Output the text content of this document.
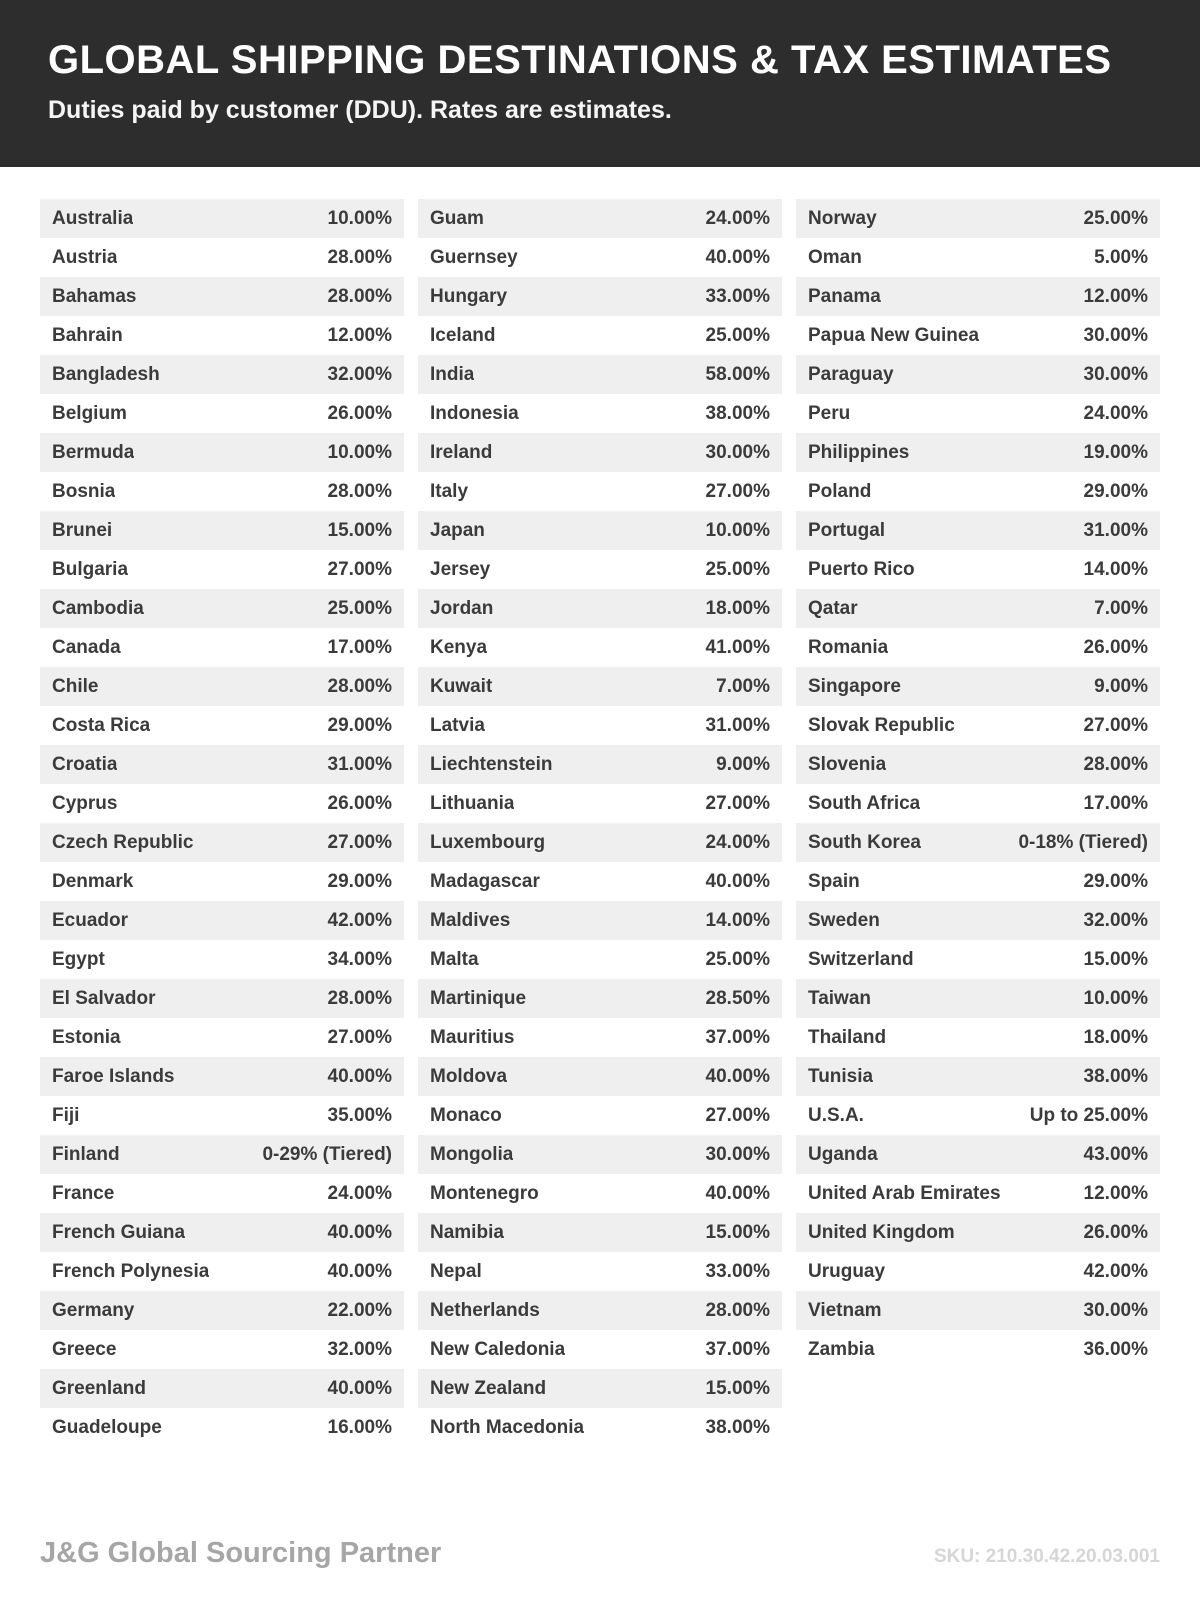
GLOBAL SHIPPING DESTINATIONS & TAX ESTIMATES
Duties paid by customer (DDU). Rates are estimates.
Australia	10.00%
Austria	28.00%
Bahamas	28.00%
Bahrain	12.00%
Bangladesh	32.00%
Belgium	26.00%
Bermuda	10.00%
Bosnia	28.00%
Brunei	15.00%
Bulgaria	27.00%
Cambodia	25.00%
Canada	17.00%
Chile	28.00%
Costa Rica	29.00%
Croatia	31.00%
Cyprus	26.00%
Czech Republic	27.00%
Denmark	29.00%
Ecuador	42.00%
Egypt	34.00%
El Salvador	28.00%
Estonia	27.00%
Faroe Islands	40.00%
Fiji	35.00%
Finland	0-29% (Tiered)
France	24.00%
French Guiana	40.00%
French Polynesia	40.00%
Germany	22.00%
Greece	32.00%
Greenland	40.00%
Guadeloupe	16.00%
Guam	24.00%
Guernsey	40.00%
Hungary	33.00%
Iceland	25.00%
India	58.00%
Indonesia	38.00%
Ireland	30.00%
Italy	27.00%
Japan	10.00%
Jersey	25.00%
Jordan	18.00%
Kenya	41.00%
Kuwait	7.00%
Latvia	31.00%
Liechtenstein	9.00%
Lithuania	27.00%
Luxembourg	24.00%
Madagascar	40.00%
Maldives	14.00%
Malta	25.00%
Martinique	28.50%
Mauritius	37.00%
Moldova	40.00%
Monaco	27.00%
Mongolia	30.00%
Montenegro	40.00%
Namibia	15.00%
Nepal	33.00%
Netherlands	28.00%
New Caledonia	37.00%
New Zealand	15.00%
North Macedonia	38.00%
Norway	25.00%
Oman	5.00%
Panama	12.00%
Papua New Guinea	30.00%
Paraguay	30.00%
Peru	24.00%
Philippines	19.00%
Poland	29.00%
Portugal	31.00%
Puerto Rico	14.00%
Qatar	7.00%
Romania	26.00%
Singapore	9.00%
Slovak Republic	27.00%
Slovenia	28.00%
South Africa	17.00%
South Korea	0-18% (Tiered)
Spain	29.00%
Sweden	32.00%
Switzerland	15.00%
Taiwan	10.00%
Thailand	18.00%
Tunisia	38.00%
U.S.A.	Up to 25.00%
Uganda	43.00%
United Arab Emirates	12.00%
United Kingdom	26.00%
Uruguay	42.00%
Vietnam	30.00%
Zambia	36.00%
J&G Global Sourcing Partner	SKU: 210.30.42.20.03.001
